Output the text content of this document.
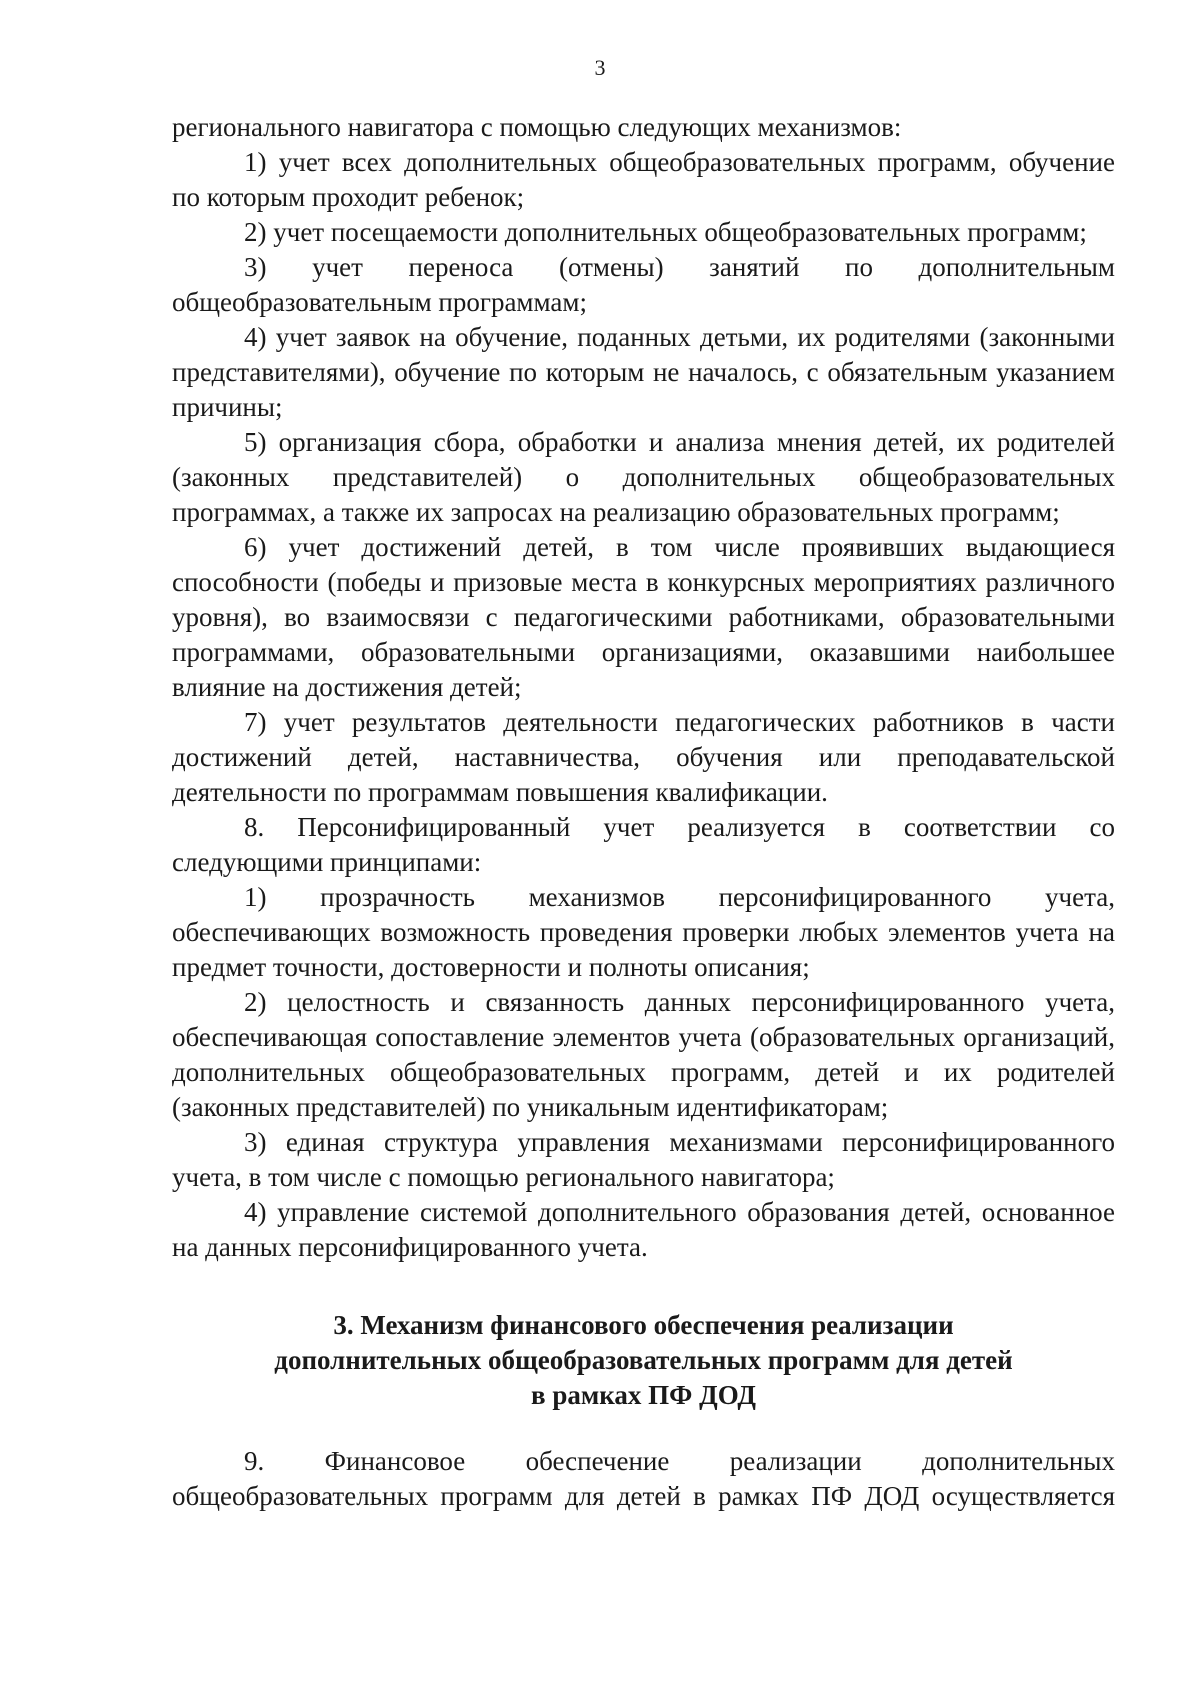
3

регионального навигатора с помощью следующих механизмов:

1) учет всех дополнительных общеобразовательных программ, обучение по которым проходит ребенок;

2) учет посещаемости дополнительных общеобразовательных программ;

3) учет переноса (отмены) занятий по дополнительным общеобразовательным программам;

4) учет заявок на обучение, поданных детьми, их родителями (законными представителями), обучение по которым не началось, с обязательным указанием причины;

5) организация сбора, обработки и анализа мнения детей, их родителей (законных представителей) о дополнительных общеобразовательных программах, а также их запросах на реализацию образовательных программ;

6) учет достижений детей, в том числе проявивших выдающиеся способности (победы и призовые места в конкурсных мероприятиях различного уровня), во взаимосвязи с педагогическими работниками, образовательными программами, образовательными организациями, оказавшими наибольшее влияние на достижения детей;

7) учет результатов деятельности педагогических работников в части достижений детей, наставничества, обучения или преподавательской деятельности по программам повышения квалификации.

8. Персонифицированный учет реализуется в соответствии со следующими принципами:

1) прозрачность механизмов персонифицированного учета, обеспечивающих возможность проведения проверки любых элементов учета на предмет точности, достоверности и полноты описания;

2) целостность и связанность данных персонифицированного учета, обеспечивающая сопоставление элементов учета (образовательных организаций, дополнительных общеобразовательных программ, детей и их родителей (законных представителей) по уникальным идентификаторам;

3) единая структура управления механизмами персонифицированного учета, в том числе с помощью регионального навигатора;

4) управление системой дополнительного образования детей, основанное на данных персонифицированного учета.

3. Механизм финансового обеспечения реализации
дополнительных общеобразовательных программ для детей
в рамках ПФ ДОД

9. Финансовое обеспечение реализации дополнительных общеобразовательных программ для детей в рамках ПФ ДОД осуществляется
